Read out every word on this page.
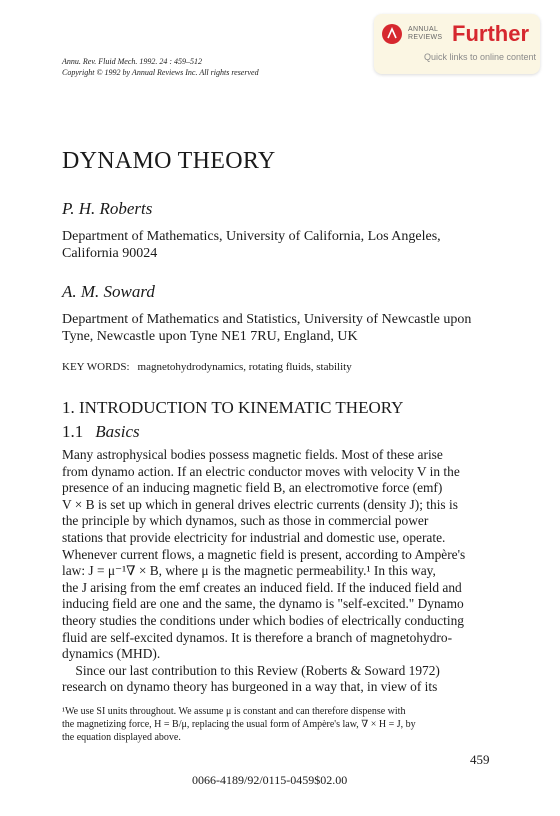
ANNUAL
REVIEWS Further
Quick links to online content
Annu. Rev. Fluid Mech. 1992. 24 : 459–512
Copyright © 1992 by Annual Reviews Inc. All rights reserved
DYNAMO THEORY
P. H. Roberts
Department of Mathematics, University of California, Los Angeles,
California 90024
A. M. Soward
Department of Mathematics and Statistics, University of Newcastle upon
Tyne, Newcastle upon Tyne NE1 7RU, England, UK
KEY WORDS: magnetohydrodynamics, rotating fluids, stability
1. INTRODUCTION TO KINEMATIC THEORY
1.1 Basics
Many astrophysical bodies possess magnetic fields. Most of these arise
from dynamo action. If an electric conductor moves with velocity V in the
presence of an inducing magnetic field B, an electromotive force (emf)
V × B is set up which in general drives electric currents (density J); this is
the principle by which dynamos, such as those in commercial power
stations that provide electricity for industrial and domestic use, operate.
Whenever current flows, a magnetic field is present, according to Ampère's
law: J = μ⁻¹∇ × B, where μ is the magnetic permeability.¹ In this way,
the J arising from the emf creates an induced field. If the induced field and
inducing field are one and the same, the dynamo is "self-excited." Dynamo
theory studies the conditions under which bodies of electrically conducting
fluid are self-excited dynamos. It is therefore a branch of magnetohydro-
dynamics (MHD).
Since our last contribution to this Review (Roberts & Soward 1972)
research on dynamo theory has burgeoned in a way that, in view of its
¹We use SI units throughout. We assume μ is constant and can therefore dispense with
the magnetizing force, H = B/μ, replacing the usual form of Ampère's law, ∇ × H = J, by
the equation displayed above.
459
0066-4189/92/0115-0459$02.00
